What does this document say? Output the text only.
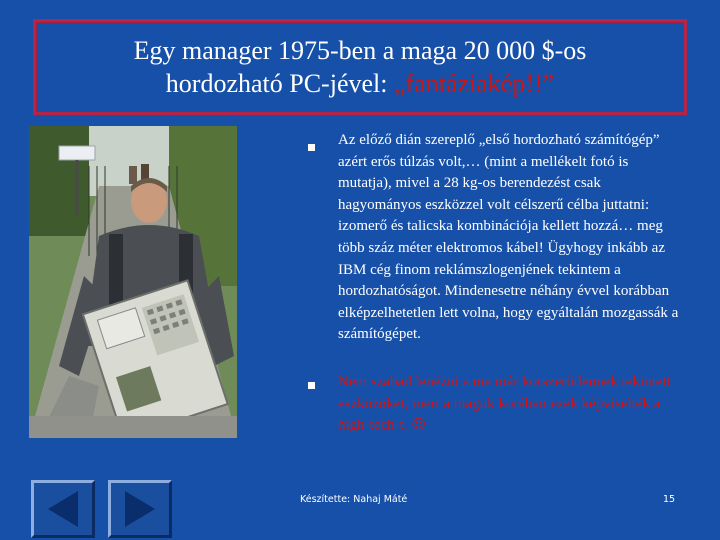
Egy manager 1975-ben a maga 20 000 $-os
hordozható PC-jével: „fantáziakép!!”
Az előző dián szereplő „első hordozható számítógép” azért erős túlzás volt,… (mint a mellékelt fotó is mutatja), mivel a 28 kg-os berendezést csak hagyományos eszközzel volt célszerű célba juttatni: izomerő és talicska kombinációja kellett hozzá… meg több száz méter elektromos kábel! Ügyhogy inkább az IBM cég finom reklámszlogenjének tekintem a hordozhatóságot. Mindenesetre néhány évvel korábban elképzelhetetlen lett volna, hogy egyáltalán mozgassák a számítógépet.
Nem szabad lenézni a ma már korszerűtlennek tekintett eszközöket, mert a maguk korában ezek képviselték a high-tech-t. ☺
Készítette: Nahaj Máté	15
